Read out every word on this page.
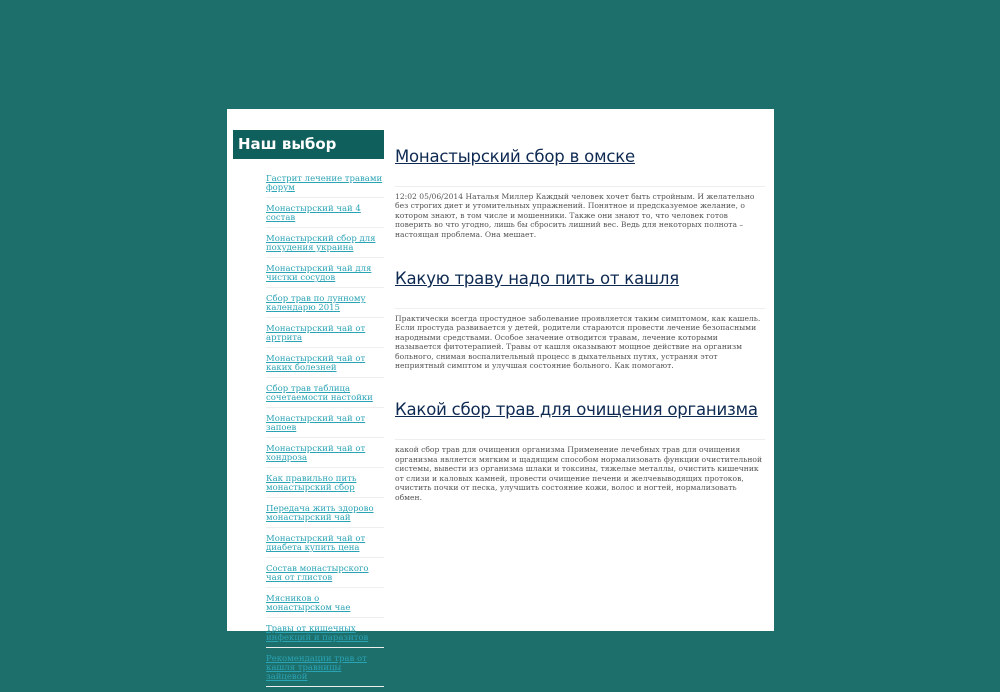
Наш выбор
Гастрит лечение травами форум
Монастырский чай 4 состав
Монастырский сбор для похудения украина
Монастырский чай для чистки сосудов
Сбор трав по лунному календарю 2015
Монастырский чай от артрита
Монастырский чай от каких болезней
Сбор трав таблица сочетаемости настойки
Монастырский чай от запоев
Монастырский чай от хондроза
Как правильно пить монастырский сбор
Передача жить здорово монастырский чай
Монастырский чай от диабета купить цена
Состав монастырского чая от глистов
Мясников о монастырском чае
Травы от кишечных инфекций и паразитов
Рекомендации трав от кашля травницы зайцевой
Монастырский сбор в омске

12:02 05/06/2014 Наталья Миллер Каждый человек хочет быть стройным. И желательно без строгих диет и утомительных упражнений. Понятное и предсказуемое желание, о котором знают, в том числе и мошенники. Также они знают то, что человек готов поверить во что угодно, лишь бы сбросить лишний вес. Ведь для некоторых полнота – настоящая проблема. Она мешает.

Какую траву надо пить от кашля

Практически всегда простудное заболевание проявляется таким симптомом, как кашель. Если простуда развивается у детей, родители стараются провести лечение безопасными народными средствами. Особое значение отводится травам, лечение которыми называется фитотерапией. Травы от кашля оказывают мощное действие на организм больного, снимая воспалительный процесс в дыхательных путях, устраняя этот неприятный симптом и улучшая состояние больного. Как помогают.

Какой сбор трав для очищения организма

какой сбор трав для очищения организма Применение лечебных трав для очищения организма является мягким и щадящим способом нормализовать функции очистительной системы, вывести из организма шлаки и токсины, тяжелые металлы, очистить кишечник от слизи и каловых камней, провести очищение печени и желчевыводящих протоков, очистить почки от песка, улучшить состояние кожи, волос и ногтей, нормализовать обмен.
